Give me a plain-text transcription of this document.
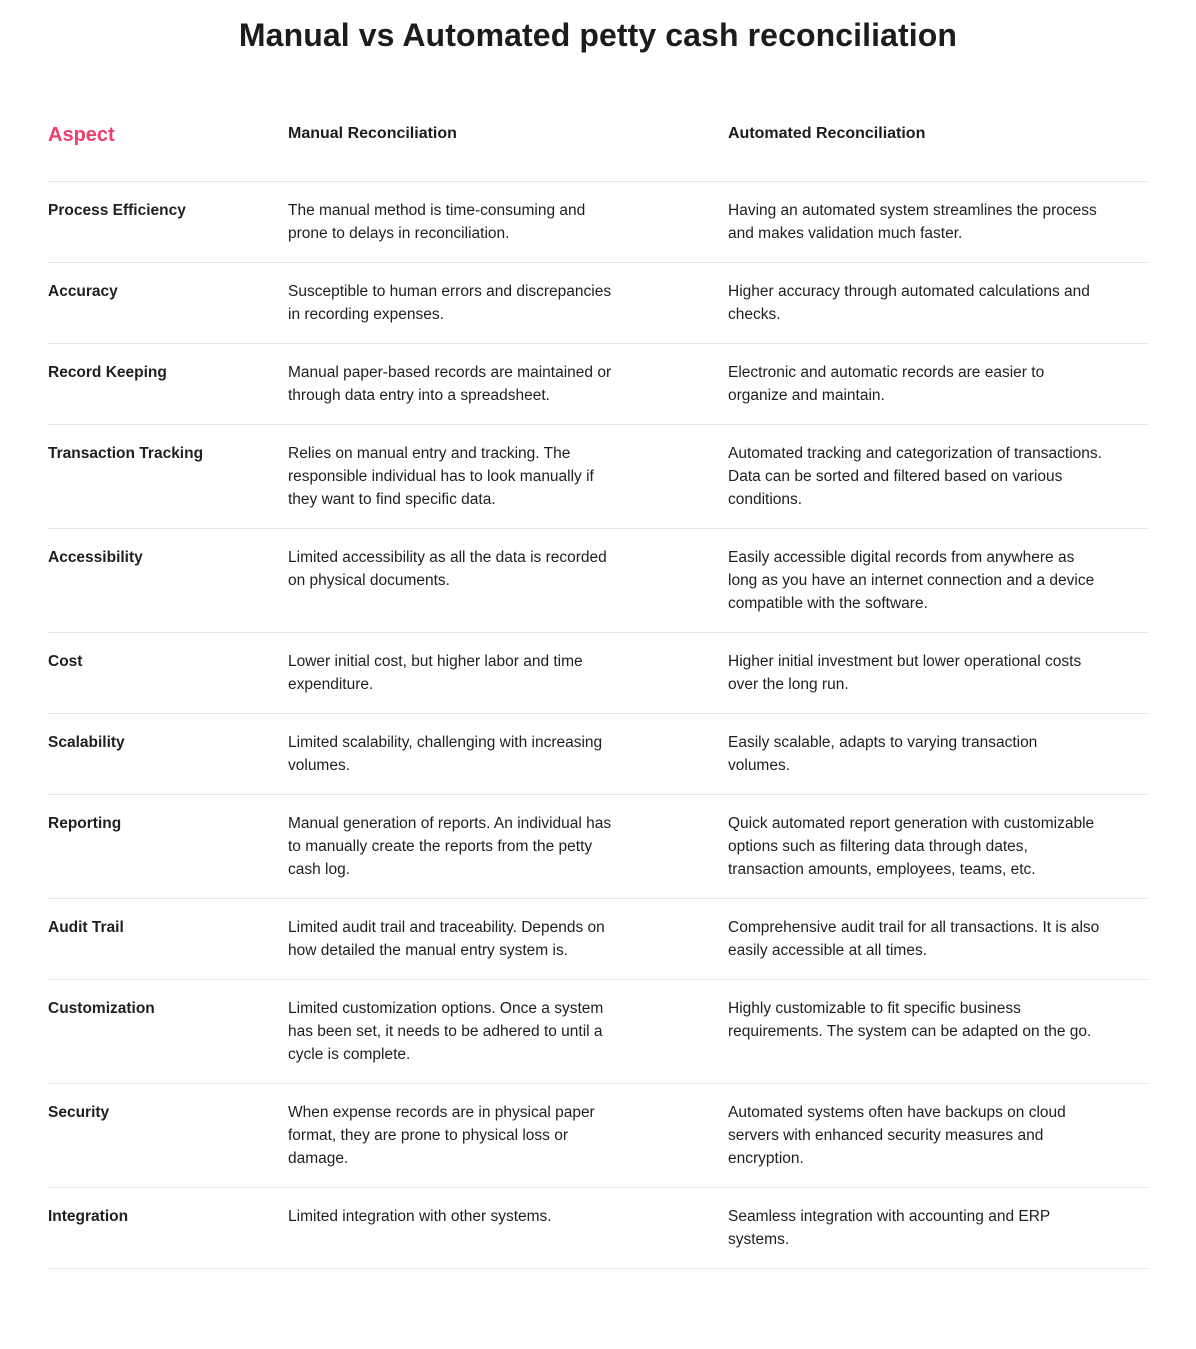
Manual vs Automated petty cash reconciliation
Aspect	Manual Reconciliation	Automated Reconciliation
Process Efficiency	The manual method is time-consuming and prone to delays in reconciliation.	Having an automated system streamlines the process and makes validation much faster.

Accuracy	Susceptible to human errors and discrepancies in recording expenses.	Higher accuracy through automated calculations and checks.

Record Keeping	Manual paper-based records are maintained or through data entry into a spreadsheet.	Electronic and automatic records are easier to organize and maintain.

Transaction Tracking	Relies on manual entry and tracking. The responsible individual has to look manually if they want to find specific data.	Automated tracking and categorization of transactions. Data can be sorted and filtered based on various conditions.

Accessibility	Limited accessibility as all the data is recorded on physical documents.	Easily accessible digital records from anywhere as long as you have an internet connection and a device compatible with the software.

Cost	Lower initial cost, but higher labor and time expenditure.	Higher initial investment but lower operational costs over the long run.

Scalability	Limited scalability, challenging with increasing volumes.	Easily scalable, adapts to varying transaction volumes.

Reporting	Manual generation of reports. An individual has to manually create the reports from the petty cash log.	Quick automated report generation with customizable options such as filtering data through dates, transaction amounts, employees, teams, etc.

Audit Trail	Limited audit trail and traceability. Depends on how detailed the manual entry system is.	Comprehensive audit trail for all transactions. It is also easily accessible at all times.

Customization	Limited customization options. Once a system has been set, it needs to be adhered to until a cycle is complete.	Highly customizable to fit specific business requirements. The system can be adapted on the go.

Security	When expense records are in physical paper format, they are prone to physical loss or damage.	Automated systems often have backups on cloud servers with enhanced security measures and encryption.

Integration	Limited integration with other systems.	Seamless integration with accounting and ERP systems.
